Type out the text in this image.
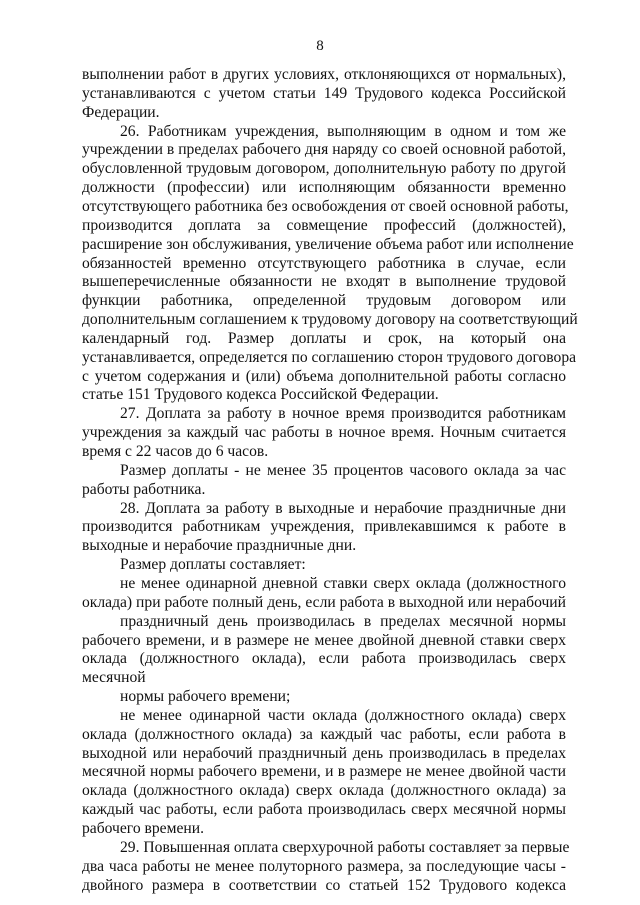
8
выполнении работ в других условиях, отклоняющихся от нормальных),
устанавливаются с учетом статьи 149 Трудового кодекса Российской
Федерации.
26. Работникам учреждения, выполняющим в одном и том же
учреждении в пределах рабочего дня наряду со своей основной работой,
обусловленной трудовым договором, дополнительную работу по другой
должности (профессии) или исполняющим обязанности временно
отсутствующего работника без освобождения от своей основной работы,
производится доплата за совмещение профессий (должностей),
расширение зон обслуживания, увеличение объема работ или исполнение
обязанностей временно отсутствующего работника в случае, если
вышеперечисленные обязанности не входят в выполнение трудовой
функции работника, определенной трудовым договором или
дополнительным соглашением к трудовому договору на соответствующий
календарный год. Размер доплаты и срок, на который она
устанавливается, определяется по соглашению сторон трудового договора
с учетом содержания и (или) объема дополнительной работы согласно
статье 151 Трудового кодекса Российской Федерации.
27. Доплата за работу в ночное время производится работникам
учреждения за каждый час работы в ночное время. Ночным считается
время с 22 часов до 6 часов.
Размер доплаты - не менее 35 процентов часового оклада за час
работы работника.
28. Доплата за работу в выходные и нерабочие праздничные дни
производится работникам учреждения, привлекавшимся к работе в
выходные и нерабочие праздничные дни.
Размер доплаты составляет:
не менее одинарной дневной ставки сверх оклада (должностного
оклада) при работе полный день, если работа в выходной или нерабочий
праздничный день производилась в пределах месячной нормы
рабочего времени, и в размере не менее двойной дневной ставки сверх
оклада (должностного оклада), если работа производилась сверх
месячной
нормы рабочего времени;
не менее одинарной части оклада (должностного оклада) сверх
оклада (должностного оклада) за каждый час работы, если работа в
выходной или нерабочий праздничный день производилась в пределах
месячной нормы рабочего времени, и в размере не менее двойной части
оклада (должностного оклада) сверх оклада (должностного оклада) за
каждый час работы, если работа производилась сверх месячной нормы
рабочего времени.
29. Повышенная оплата сверхурочной работы составляет за первые
два часа работы не менее полуторного размера, за последующие часы -
двойного размера в соответствии со статьей 152 Трудового кодекса
